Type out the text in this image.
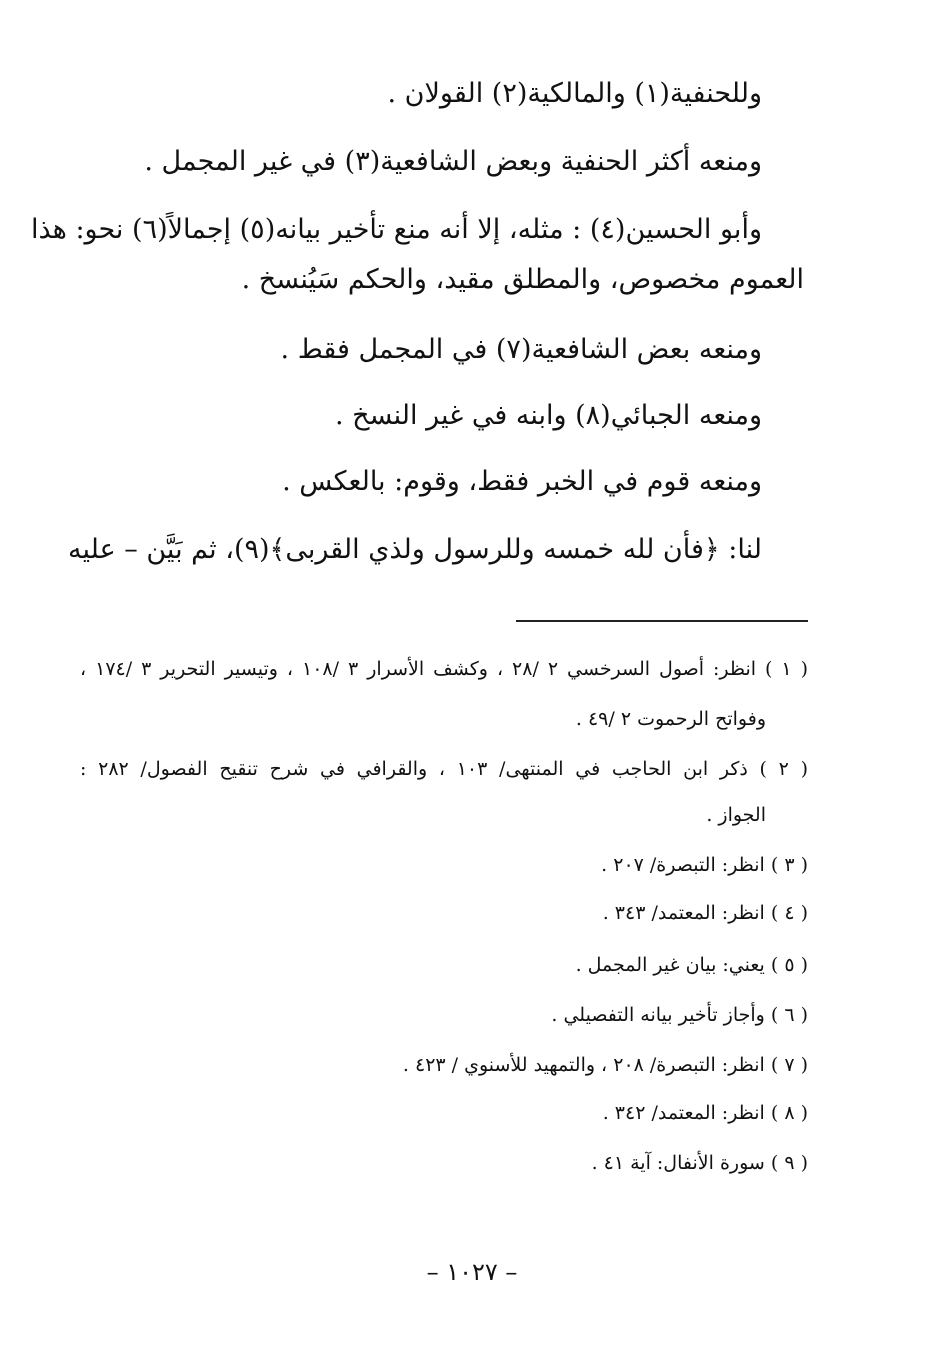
وللحنفية(١) والمالكية(٢) القولان .
ومنعه أكثر الحنفية وبعض الشافعية(٣) في غير المجمل .
وأبو الحسين(٤) : مثله، إلا أنه منع تأخير بيانه(٥) إجمالاً(٦) نحو: هذا
العموم مخصوص، والمطلق مقيد، والحكم سَيُنسخ .
ومنعه بعض الشافعية(٧) في المجمل فقط .
ومنعه الجبائي(٨) وابنه في غير النسخ .
ومنعه قوم في الخبر فقط، وقوم: بالعكس .
لنا: ﴿فأن لله خمسه وللرسول ولذي القربى﴾(٩)، ثم بَيَّن – عليه
( ١ ) انظر: أصول السرخسي ٢ /٢٨ ، وكشف الأسرار ٣ /١٠٨ ، وتيسير التحرير ٣ /١٧٤ ،
وفواتح الرحموت ٢ /٤٩ .
( ٢ ) ذكر ابن الحاجب في المنتهى/ ١٠٣ ، والقرافي في شرح تنقيح الفصول/ ٢٨٢ :
الجواز .
( ٣ ) انظر: التبصرة/ ٢٠٧ .
( ٤ ) انظر: المعتمد/ ٣٤٣ .
( ٥ ) يعني: بيان غير المجمل .
( ٦ ) وأجاز تأخير بيانه التفصيلي .
( ٧ ) انظر: التبصرة/ ٢٠٨ ، والتمهيد للأسنوي / ٤٢٣ .
( ٨ ) انظر: المعتمد/ ٣٤٢ .
( ٩ ) سورة الأنفال: آية ٤١ .
– ١٠٢٧ –
